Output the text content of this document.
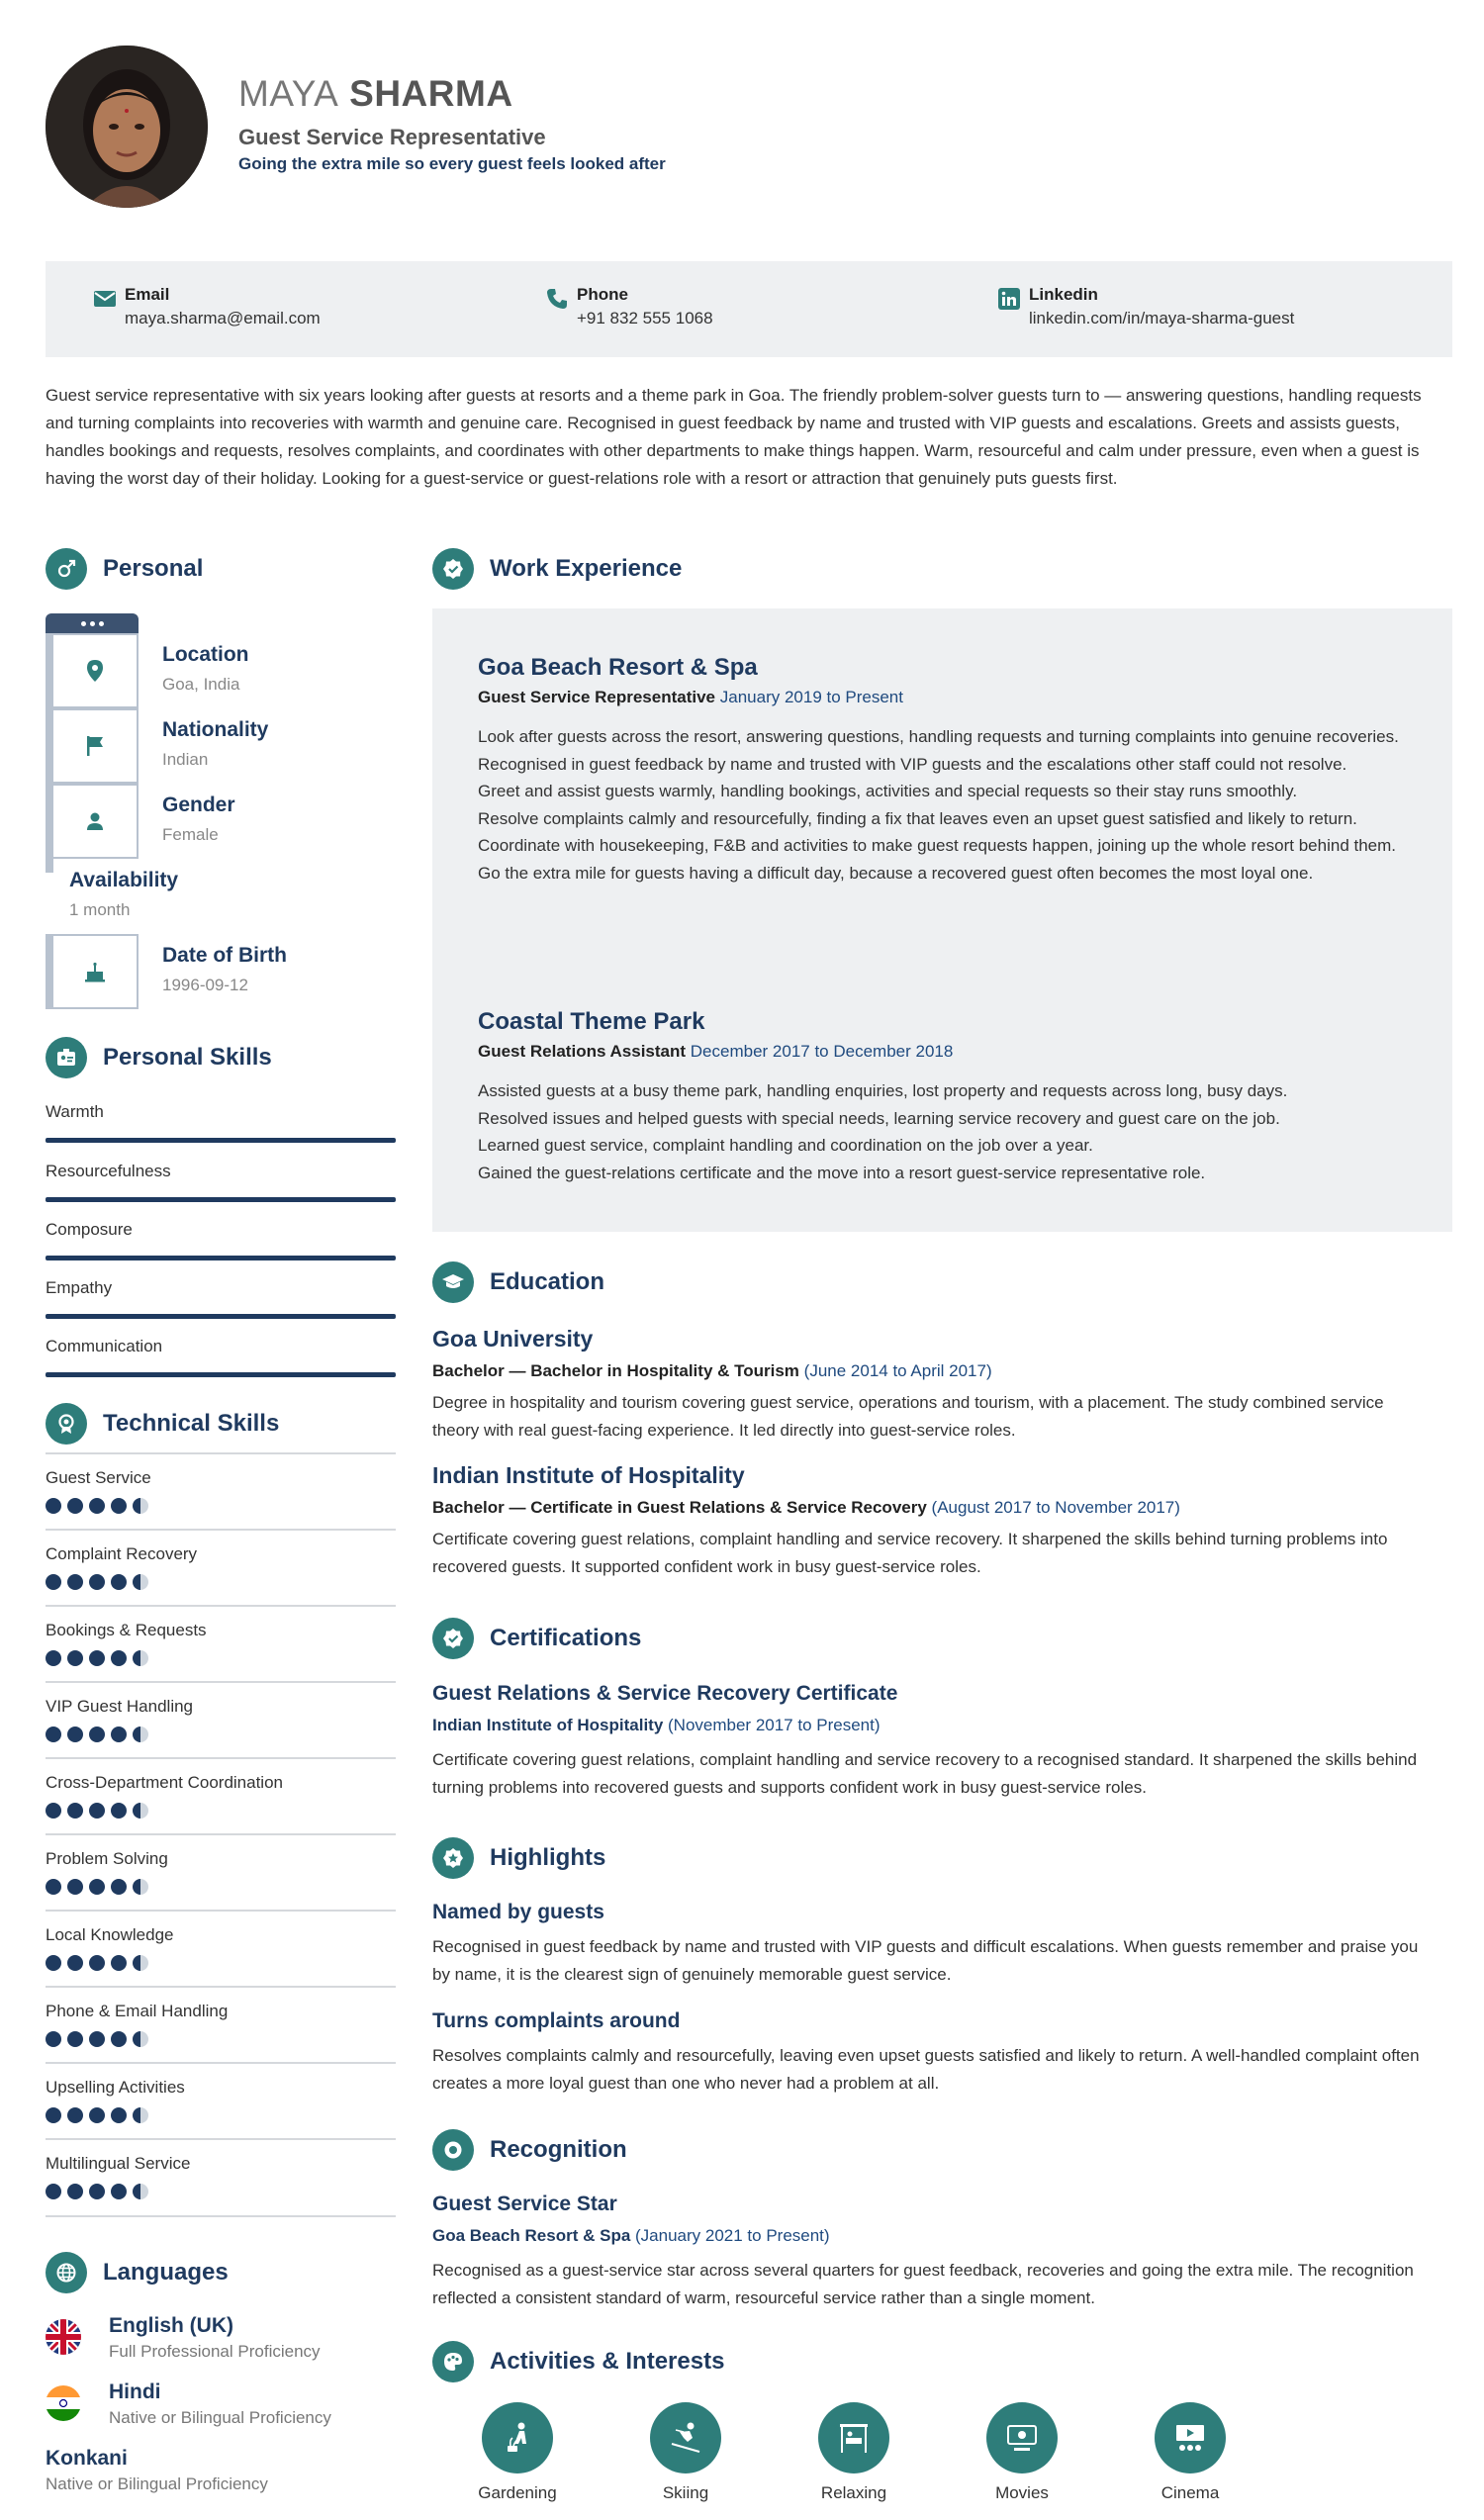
MAYA SHARMA
Guest Service Representative
Going the extra mile so every guest feels looked after
Email
maya.sharma@email.com
Phone
+91 832 555 1068
Linkedin
linkedin.com/in/maya-sharma-guest
Guest service representative with six years looking after guests at resorts and a theme park in Goa. The friendly problem-solver guests turn to — answering questions, handling requests and turning complaints into recoveries with warmth and genuine care. Recognised in guest feedback by name and trusted with VIP guests and escalations. Greets and assists guests, handles bookings and requests, resolves complaints, and coordinates with other departments to make things happen. Warm, resourceful and calm under pressure, even when a guest is having the worst day of their holiday. Looking for a guest-service or guest-relations role with a resort or attraction that genuinely puts guests first.
Personal
Location
Goa, India
Nationality
Indian
Gender
Female
Availability
1 month
Date of Birth
1996-09-12
Personal Skills
Warmth
Resourcefulness
Composure
Empathy
Communication
Technical Skills
Guest Service
Complaint Recovery
Bookings & Requests
VIP Guest Handling
Cross-Department Coordination
Problem Solving
Local Knowledge
Phone & Email Handling
Upselling Activities
Multilingual Service
Languages
English (UK)
Full Professional Proficiency
Hindi
Native or Bilingual Proficiency
Konkani
Native or Bilingual Proficiency
Work Experience
Goa Beach Resort & Spa
Guest Service Representative January 2019 to Present
Look after guests across the resort, answering questions, handling requests and turning complaints into genuine recoveries.
Recognised in guest feedback by name and trusted with VIP guests and the escalations other staff could not resolve.
Greet and assist guests warmly, handling bookings, activities and special requests so their stay runs smoothly.
Resolve complaints calmly and resourcefully, finding a fix that leaves even an upset guest satisfied and likely to return.
Coordinate with housekeeping, F&B and activities to make guest requests happen, joining up the whole resort behind them.
Go the extra mile for guests having a difficult day, because a recovered guest often becomes the most loyal one.
Coastal Theme Park
Guest Relations Assistant December 2017 to December 2018
Assisted guests at a busy theme park, handling enquiries, lost property and requests across long, busy days.
Resolved issues and helped guests with special needs, learning service recovery and guest care on the job.
Learned guest service, complaint handling and coordination on the job over a year.
Gained the guest-relations certificate and the move into a resort guest-service representative role.
Education
Goa University
Bachelor — Bachelor in Hospitality & Tourism (June 2014 to April 2017)
Degree in hospitality and tourism covering guest service, operations and tourism, with a placement. The study combined service theory with real guest-facing experience. It led directly into guest-service roles.
Indian Institute of Hospitality
Bachelor — Certificate in Guest Relations & Service Recovery (August 2017 to November 2017)
Certificate covering guest relations, complaint handling and service recovery. It sharpened the skills behind turning problems into recovered guests. It supported confident work in busy guest-service roles.
Certifications
Guest Relations & Service Recovery Certificate
Indian Institute of Hospitality (November 2017 to Present)
Certificate covering guest relations, complaint handling and service recovery to a recognised standard. It sharpened the skills behind turning problems into recovered guests and supports confident work in busy guest-service roles.
Highlights
Named by guests
Recognised in guest feedback by name and trusted with VIP guests and difficult escalations. When guests remember and praise you by name, it is the clearest sign of genuinely memorable guest service.
Turns complaints around
Resolves complaints calmly and resourcefully, leaving even upset guests satisfied and likely to return. A well-handled complaint often creates a more loyal guest than one who never had a problem at all.
Recognition
Guest Service Star
Goa Beach Resort & Spa (January 2021 to Present)
Recognised as a guest-service star across several quarters for guest feedback, recoveries and going the extra mile. The recognition reflected a consistent standard of warm, resourceful service rather than a single moment.
Activities & Interests
Gardening	Skiing	Relaxing	Movies	Cinema
